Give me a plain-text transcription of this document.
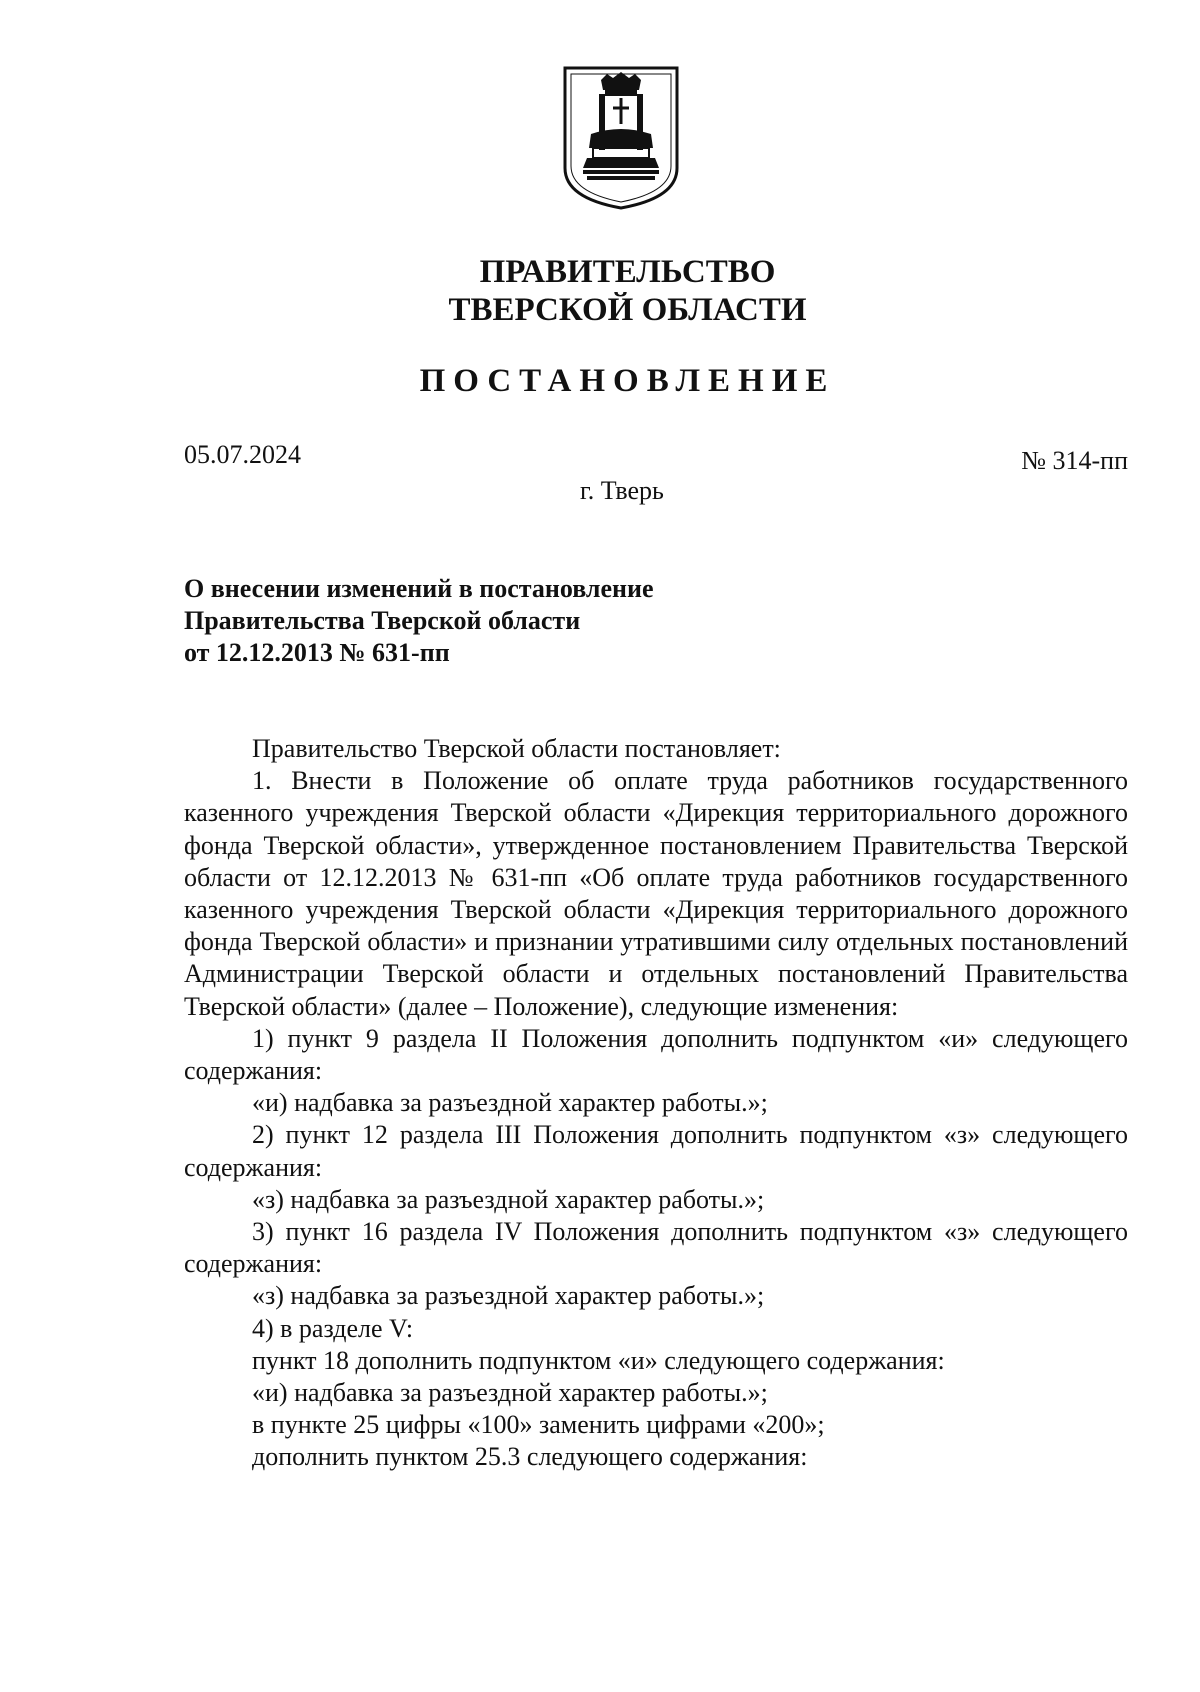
ПРАВИТЕЛЬСТВО
ТВЕРСКОЙ ОБЛАСТИ
ПОСТАНОВЛЕНИЕ
05.07.2024	№ 314-пп
г. Тверь
О внесении изменений в постановление
Правительства Тверской области
от 12.12.2013 № 631-пп

Правительство Тверской области постановляет:

1. Внести в Положение об оплате труда работников государственного казенного учреждения Тверской области «Дирекция территориального дорожного фонда Тверской области», утвержденное постановлением Правительства Тверской области от 12.12.2013 № 631-пп «Об оплате труда работников государственного казенного учреждения Тверской области «Дирекция территориального дорожного фонда Тверской области» и признании утратившими силу отдельных постановлений Администрации Тверской области и отдельных постановлений Правительства Тверской области» (далее – Положение), следующие изменения:

1) пункт 9 раздела II Положения дополнить подпунктом «и» следующего содержания:

«и) надбавка за разъездной характер работы.»;

2) пункт 12 раздела III Положения дополнить подпунктом «з» следующего содержания:

«з) надбавка за разъездной характер работы.»;

3) пункт 16 раздела IV Положения дополнить подпунктом «з» следующего содержания:

«з) надбавка за разъездной характер работы.»;

4) в разделе V:

пункт 18 дополнить подпунктом «и» следующего содержания:

«и) надбавка за разъездной характер работы.»;

в пункте 25 цифры «100» заменить цифрами «200»;

дополнить пунктом 25.3 следующего содержания:
